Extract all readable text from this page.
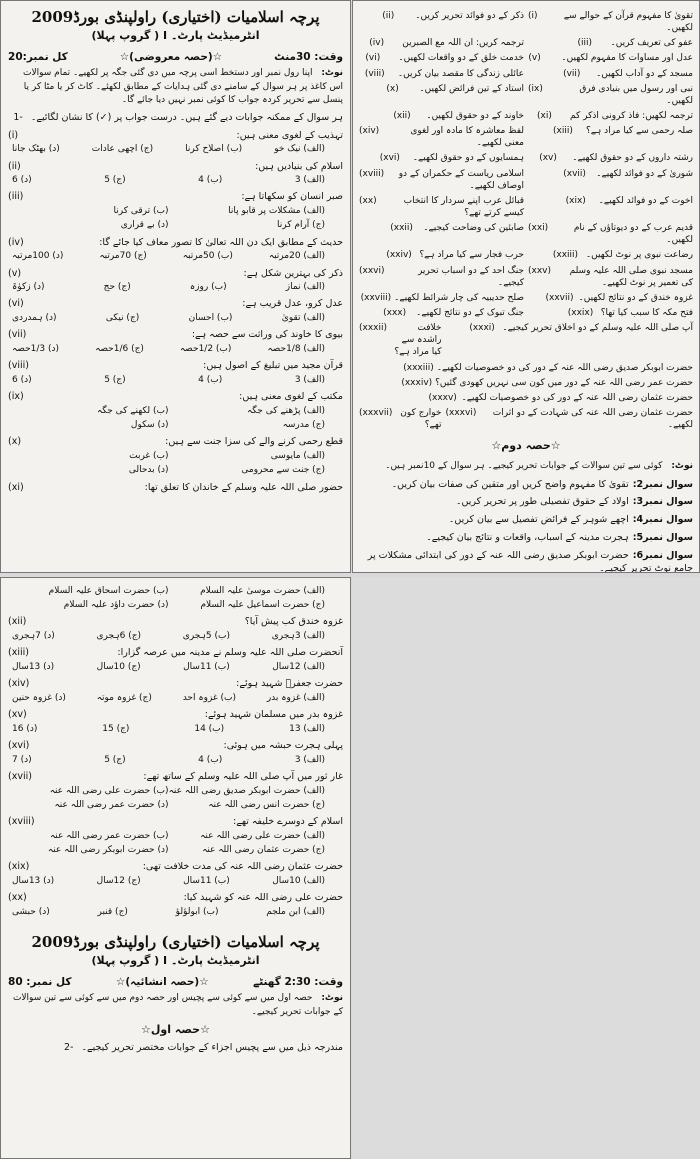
پرچہ اسلامیات (اختیاری) راولپنڈی بورڈ2009
انٹرمیڈیٹ پارٹ۔ I ( گروپ پہلا)
وقت: 30منٹ
☆(حصہ معروضی)☆
کل نمبر:20
نوٹ: اپنا رول نمبر اور دستخط اسی پرچہ میں دی گئی جگہ پر لکھیے۔ تمام سوالات اس کاغذ پر ہر سوال کے سامنے دی گئی ہدایات کے مطابق لکھئے۔ کاٹ کر یا مٹا کر یا پنسل سے تحریر کردہ جواب کا کوئی نمبر نہیں دیا جائے گا۔
ہر سوال کے ممکنہ جوابات دیے گئے ہیں۔ درست جواب پر (✓) کا نشان لگائیے۔
-1
(i)	تہذیب کے لغوی معنی ہیں:
(الف) نیک خو
(ب) اصلاح کرنا
(ج) اچھی عادات
(د) بھٹک جانا
(ii)	اسلام کی بنیادیں ہیں:
(الف) 3
(ب) 4
(ج) 5
(د) 6
(iii)	صبر انسان کو سکھاتا ہے:
(الف) مشکلات پر قابو پانا
(ب) ترقی کرنا
(ج) آرام کرنا
(د) بے قراری
(iv)	حدیث کے مطابق ایک دن اللہ تعالیٰ کا تصور معاف کیا جائے گا:
(الف) 20مرتبہ
(ب) 50مرتبہ
(ج) 70مرتبہ
(د) 100مرتبہ
(v)	ذکر کی بہترین شکل ہے:
(الف) نماز
(ب) روزہ
(ج) حج
(د) زکوٰۃ
(vi)	عدل کرو، عدل قریب ہے:
(الف) تقویٰ
(ب) احسان
(ج) نیکی
(د) ہمدردی
(vii)	بیوی کا خاوند کی وراثت سے حصہ ہے:
(الف) 1/8حصہ
(ب) 1/2حصہ
(ج) 1/6حصہ
(د) 1/3حصہ
(viii)	قرآن مجید میں تبلیغ کے اصول ہیں:
(الف) 3
(ب) 4
(ج) 5
(د) 6
(ix)	مکتب کے لغوی معنی ہیں:
(الف) پڑھنے کی جگہ
(ب) لکھنے کی جگہ
(ج) مدرسہ
(د) سکول
(x)	قطع رحمی کرنے والے کی سزا جنت سے ہیں:
(الف) مایوسی
(ب) غربت
(ج) جنت سے محرومی
(د) بدحالی
(xi)	حضور صلی اللہ علیہ وسلم کے خاندان کا تعلق تھا:
تقویٰ کا مفہوم قرآن کے حوالے سے لکھیں۔
(i)
ذکر کے دو فوائد تحریر کریں۔
(ii)
عفو کی تعریف کریں۔
(iii)
ترجمہ کریں: ان اللہ مع الصبرین
(iv)
عدل اور مساوات کا مفہوم لکھیں۔
(v)
خدمت خلق کے دو واقعات لکھیں۔
(vi)
مسجد کے دو آداب لکھیں۔
(vii)
عائلی زندگی کا مقصد بیان کریں۔
(viii)
نبی اور رسول میں بنیادی فرق لکھیں۔
(ix)
استاد کے تین فرائض لکھیں۔
(x)
ترجمہ لکھیں: فاذ کرونی اذکر کم
(xi)
خاوند کے دو حقوق لکھیں۔
(xii)
صلہ رحمی سے کیا مراد ہے؟
(xiii)
لفظ معاشرہ کا مادہ اور لغوی معنی لکھیے۔
(xiv)
رشتہ داروں کے دو حقوق لکھیے۔
(xv)
ہمسایوں کے دو حقوق لکھیے۔
(xvi)
شوریٰ کے دو فوائد لکھیے۔
(xvii)
اسلامی ریاست کے حکمران کے دو اوصاف لکھیے۔
(xviii)
اخوت کے دو فوائد لکھیے۔
(xix)
قبائل عرب اپنے سردار کا انتخاب کیسے کرتے تھے؟
(xx)
قدیم عرب کے دو دیوتاؤں کے نام لکھیں۔
(xxi)
صابئین کی وضاحت کیجیے۔
(xxii)
رضاعت نبوی پر نوٹ لکھیں۔
(xxiii)
حرب فجار سے کیا مراد ہے؟
(xxiv)
مسجد نبوی صلی اللہ علیہ وسلم کی تعمیر پر نوٹ لکھیے۔
(xxv)
جنگ احد کے دو اسباب تحریر کیجیے۔
(xxvi)
غزوہ خندق کے دو نتائج لکھیں۔
(xxvii)
صلح حدیبیہ کی چار شرائط لکھیے۔
(xxviii)
فتح مکہ کا سبب کیا تھا؟
(xxix)
جنگ تبوک کے دو نتائج لکھیے۔
(xxx)
آپ صلی اللہ علیہ وسلم کے دو اخلاق تحریر کیجیے۔
(xxxi)
خلافت راشدہ سے کیا مراد ہے؟
(xxxii)
حضرت ابوبکر صدیق رضی اللہ عنہ کے دور کی دو خصوصیات لکھیے۔
(xxxiii)
حضرت عمر رضی اللہ عنہ کے دور میں کون سی نہریں کھودی گئیں؟
(xxxiv)
حضرت عثمان رضی اللہ عنہ کے دور کی دو خصوصیات لکھیے۔
(xxxv)
حضرت عثمان رضی اللہ عنہ کی شہادت کے دو اثرات لکھیے۔
(xxxvi)
خوارج کون تھے؟
(xxxvii)
☆حصہ دوم☆
نوٹ: کوئی سے تین سوالات کے جوابات تحریر کیجیے۔ ہر سوال کے 10نمبر ہیں۔
سوال نمبر2:تقویٰ کا مفہوم واضح کریں اور متقین کی صفات بیان کریں۔
سوال نمبر3:اولاد کے حقوق تفصیلی طور پر تحریر کریں۔
سوال نمبر4:اچھے شوہر کے فرائض تفصیل سے بیان کریں۔
سوال نمبر5:ہجرت مدینہ کے اسباب، واقعات و نتائج بیان کیجیے۔
سوال نمبر6:حضرت ابوبکر صدیق رضی اللہ عنہ کے دور کی ابتدائی مشکلات پر جامع نوٹ تحریر کیجیے۔
(الف) حضرت موسیٰ علیہ السلام
(ب) حضرت اسحاق علیہ السلام
(ج) حضرت اسماعیل علیہ السلام
(د) حضرت داؤد علیہ السلام
(xii)	غزوہ خندق کب پیش آیا؟
(الف) 3ہجری
(ب) 5ہجری
(ج) 6ہجری
(د) 7ہجری
(xiii)	آنحضرت صلی اللہ علیہ وسلم نے مدینہ میں عرصہ گزارا:
(الف) 12سال
(ب) 11سال
(ج) 10سال
(د) 13سال
(xiv)	حضرت جعفرؓ شہید ہوئے:
(الف) غزوہ بدر
(ب) غزوہ احد
(ج) غزوہ موتہ
(د) غزوہ حنین
(xv)	غزوہ بدر میں مسلمان شہید ہوئے:
(الف) 13
(ب) 14
(ج) 15
(د) 16
(xvi)	پہلی ہجرت حبشہ میں ہوئی:
(الف) 3
(ب) 4
(ج) 5
(د) 7
(xvii)	غار ثور میں آپ صلی اللہ علیہ وسلم کے ساتھ تھے:
(الف) حضرت ابوبکر صدیق رضی اللہ عنہ
(ب) حضرت علی رضی اللہ عنہ
(ج) حضرت انس رضی اللہ عنہ
(د) حضرت عمر رضی اللہ عنہ
(xviii)	اسلام کے دوسرے خلیفہ تھے:
(الف) حضرت علی رضی اللہ عنہ
(ب) حضرت عمر رضی اللہ عنہ
(ج) حضرت عثمان رضی اللہ عنہ
(د) حضرت ابوبکر رضی اللہ عنہ
(xix)	حضرت عثمان رضی اللہ عنہ کی مدت خلافت تھی:
(الف) 10سال
(ب) 11سال
(ج) 12سال
(د) 13سال
(xx)	حضرت علی رضی اللہ عنہ کو شہید کیا:
(الف) ابن ملجم
(ب) ابولؤلؤ
(ج) قنبر
(د) حبشی
پرچہ اسلامیات (اختیاری) راولپنڈی بورڈ2009
انٹرمیڈیٹ پارٹ۔ I ( گروپ پہلا)
وقت: 2:30 گھنٹے
☆(حصہ انشائیہ)☆
کل نمبر: 80
نوٹ: حصہ اول میں سے کوئی سے پچیس اور حصہ دوم میں سے کوئی سے تین سوالات کے جوابات تحریر کیجیے۔
☆حصہ اول☆
مندرجہ ذیل میں سے پچیس اجزاء کے جوابات مختصر تحریر کیجیے۔
-2
